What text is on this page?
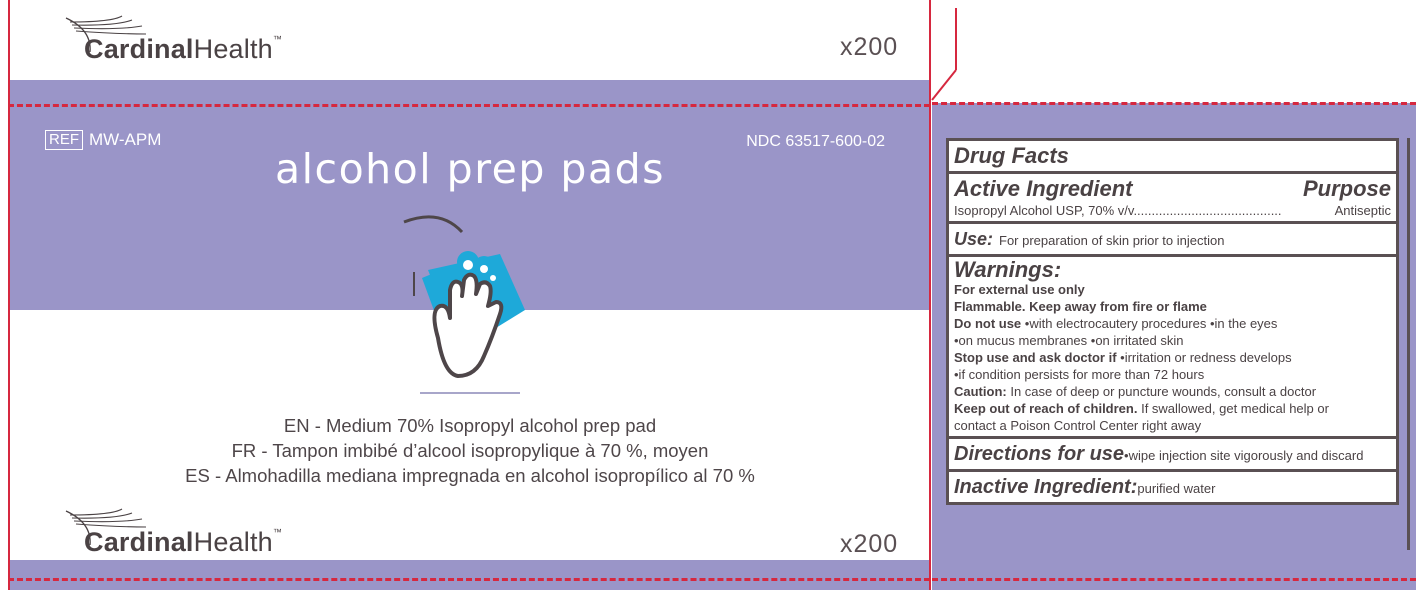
CardinalHealth™	x200
REF MW-APM	NDC 63517-600-02
alcohol prep pads
EN - Medium 70% Isopropyl alcohol prep pad
FR - Tampon imbibé d’alcool isopropylique à 70 %, moyen
ES - Almohadilla mediana impregnada en alcohol isopropílico al 70 %
CardinalHealth™	x200
Drug Facts
Active Ingredient	Purpose
Isopropyl Alcohol USP, 70% v/v.........................................	Antiseptic
Use: For preparation of skin prior to injection
Warnings:
For external use only
Flammable. Keep away from fire or flame
Do not use •with electrocautery procedures •in the eyes
•on mucus membranes •on irritated skin
Stop use and ask doctor if •irritation or redness develops
•if condition persists for more than 72 hours
Caution: In case of deep or puncture wounds, consult a doctor
Keep out of reach of children. If swallowed, get medical help or
contact a Poison Control Center right away
Directions for use •wipe injection site vigorously and discard
Inactive Ingredient: purified water
